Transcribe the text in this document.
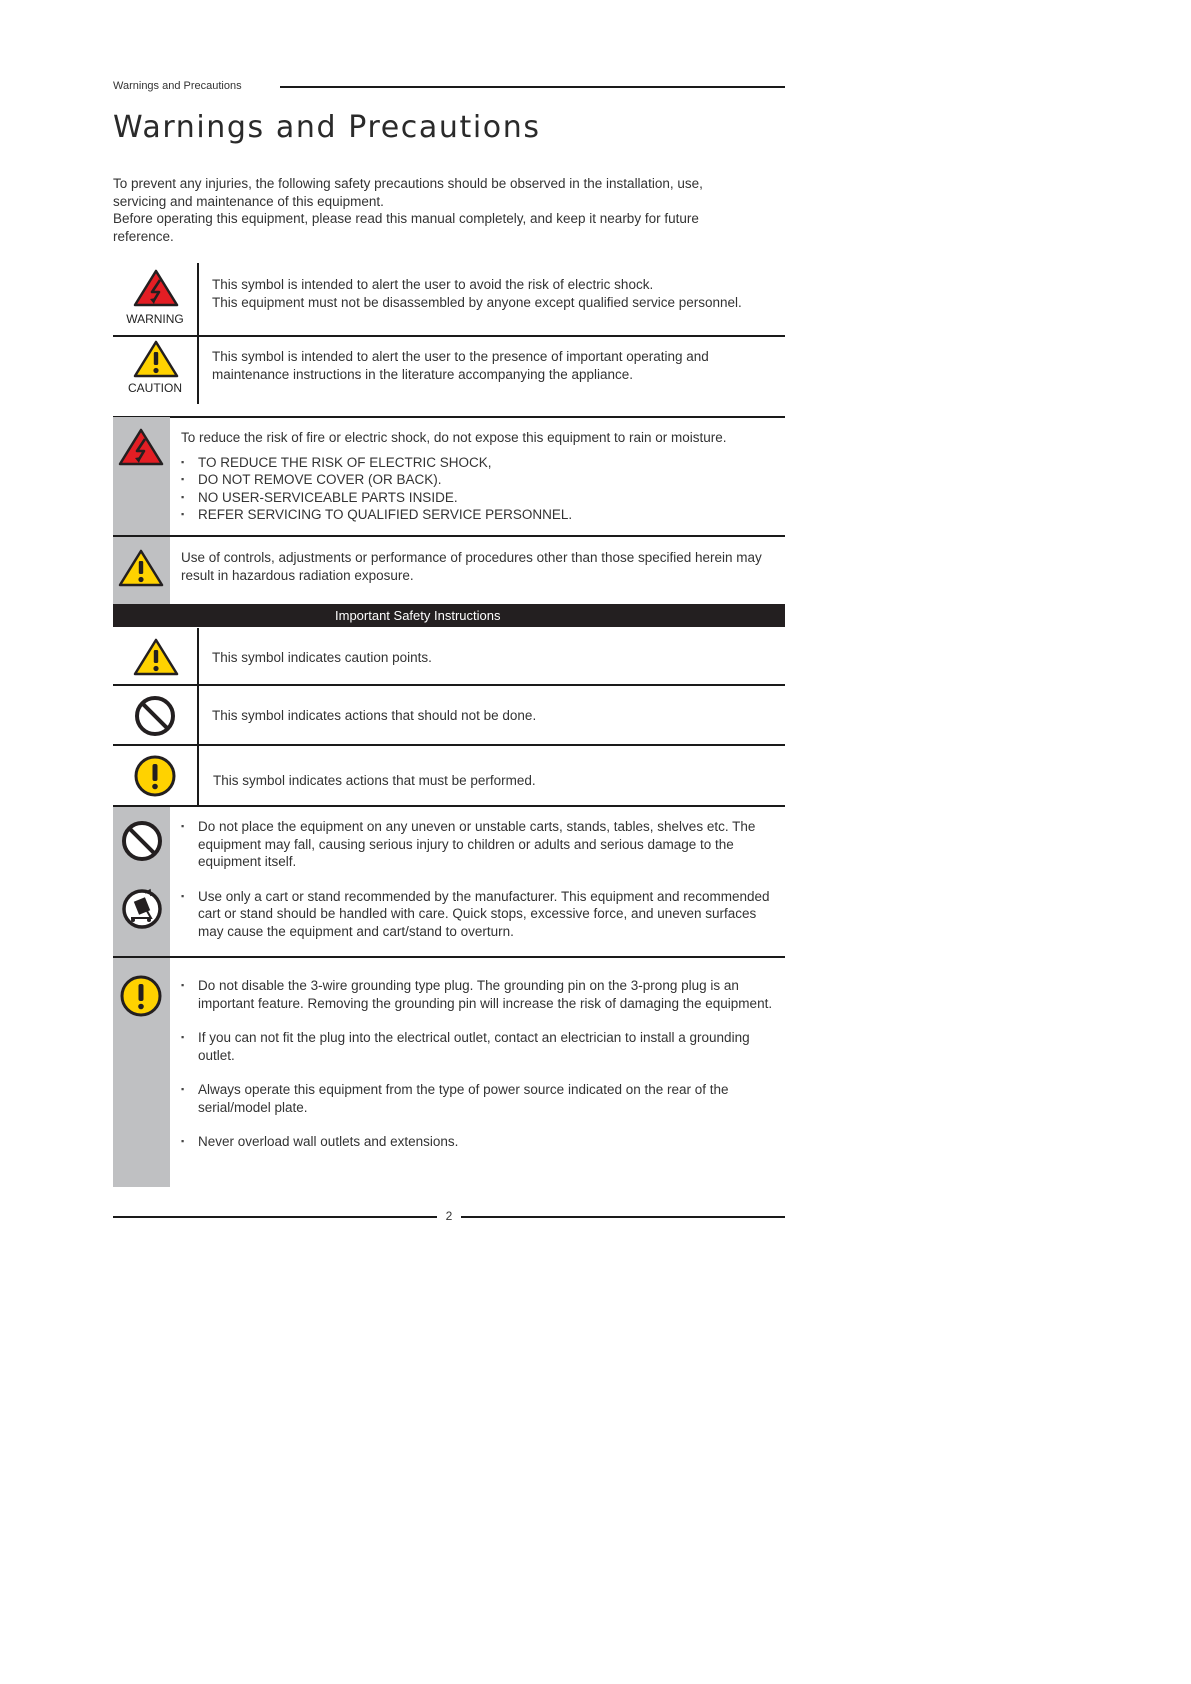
Warnings and Precautions
Warnings and Precautions

To prevent any injuries, the following safety precautions should be observed in the installation, use, servicing and maintenance of this equipment.

Before operating this equipment, please read this manual completely, and keep it nearby for future reference.

WARNING
This symbol is intended to alert the user to avoid the risk of electric shock.
This equipment must not be disassembled by anyone except qualified service personnel.
CAUTION
This symbol is intended to alert the user to the presence of important operating and maintenance instructions in the literature accompanying the appliance.

To reduce the risk of fire or electric shock, do not expose this equipment to rain or moisture.

▪ TO REDUCE THE RISK OF ELECTRIC SHOCK,
▪ DO NOT REMOVE COVER (OR BACK).
▪ NO USER-SERVICEABLE PARTS INSIDE.
▪ REFER SERVICING TO QUALIFIED SERVICE PERSONNEL.
Use of controls, adjustments or performance of procedures other than those specified herein may result in hazardous radiation exposure.
Important Safety Instructions
This symbol indicates caution points.
This symbol indicates actions that should not be done.
This symbol indicates actions that must be performed.
▪ Do not place the equipment on any uneven or unstable carts, stands, tables, shelves etc. The equipment may fall, causing serious injury to children or adults and serious damage to the equipment itself.
▪ Use only a cart or stand recommended by the manufacturer. This equipment and recommended cart or stand should be handled with care. Quick stops, excessive force, and uneven surfaces may cause the equipment and cart/stand to overturn.
▪ Do not disable the 3-wire grounding type plug. The grounding pin on the 3-prong plug is an important feature. Removing the grounding pin will increase the risk of damaging the equipment.
▪ If you can not fit the plug into the electrical outlet, contact an electrician to install a grounding outlet.
▪ Always operate this equipment from the type of power source indicated on the rear of the serial/model plate.
▪ Never overload wall outlets and extensions.
2
